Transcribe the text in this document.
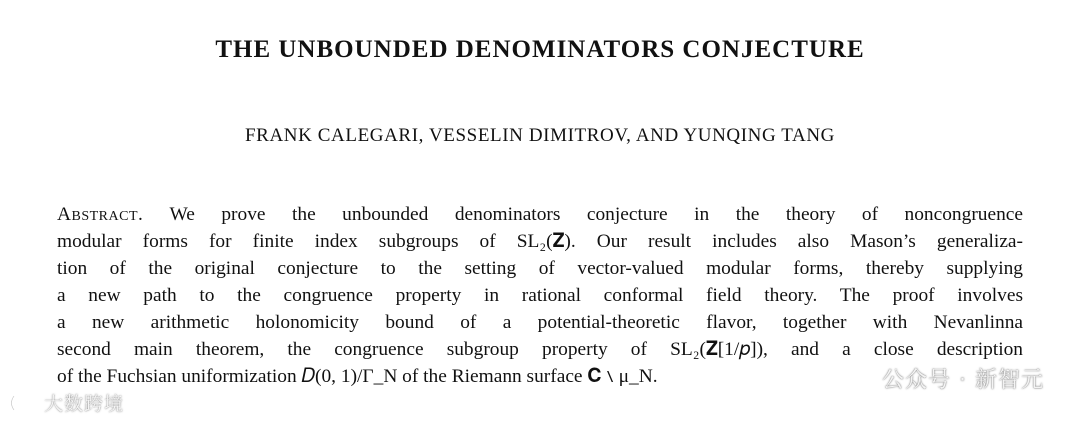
THE UNBOUNDED DENOMINATORS CONJECTURE
FRANK CALEGARI, VESSELIN DIMITROV, AND YUNQING TANG
Abstract. We prove the unbounded denominators conjecture in the theory of noncongruence
modular forms for finite index subgroups of SL₂(𝐙). Our result includes also Mason’s generaliza-
tion of the original conjecture to the setting of vector-valued modular forms, thereby supplying
a new path to the congruence property in rational conformal field theory. The proof involves
a new arithmetic holonomicity bound of a potential-theoretic flavor, together with Nevanlinna
second main theorem, the congruence subgroup property of SL₂(𝐙[1/𝑝]), and a close description
of the Fuchsian uniformization 𝐷(0, 1)/Γ_N of the Riemann surface 𝐂 ∖ μ_N.
大数跨境
公众号 · 新智元
